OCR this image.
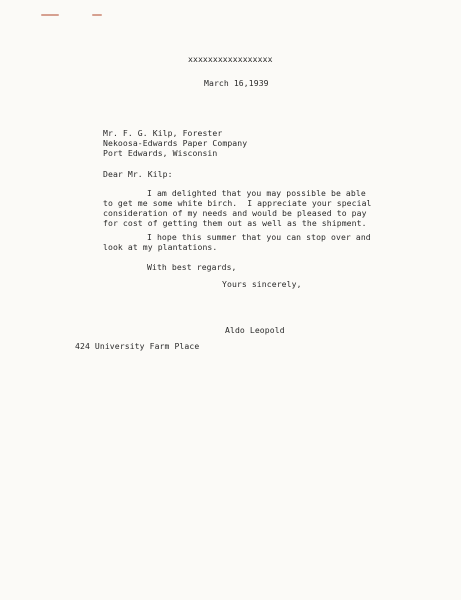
xxxxxxxxxxxxxxxxx

March 16,1939

Mr. F. G. Kilp, Forester

Nekoosa-Edwards Paper Company

Port Edwards, Wisconsin

Dear Mr. Kilp:

I am delighted that you may possible be able

to get me some white birch.  I appreciate your special

consideration of my needs and would be pleased to pay

for cost of getting them out as well as the shipment.

I hope this summer that you can stop over and

look at my plantations.

With best regards,

Yours sincerely,

Aldo Leopold

424 University Farm Place
